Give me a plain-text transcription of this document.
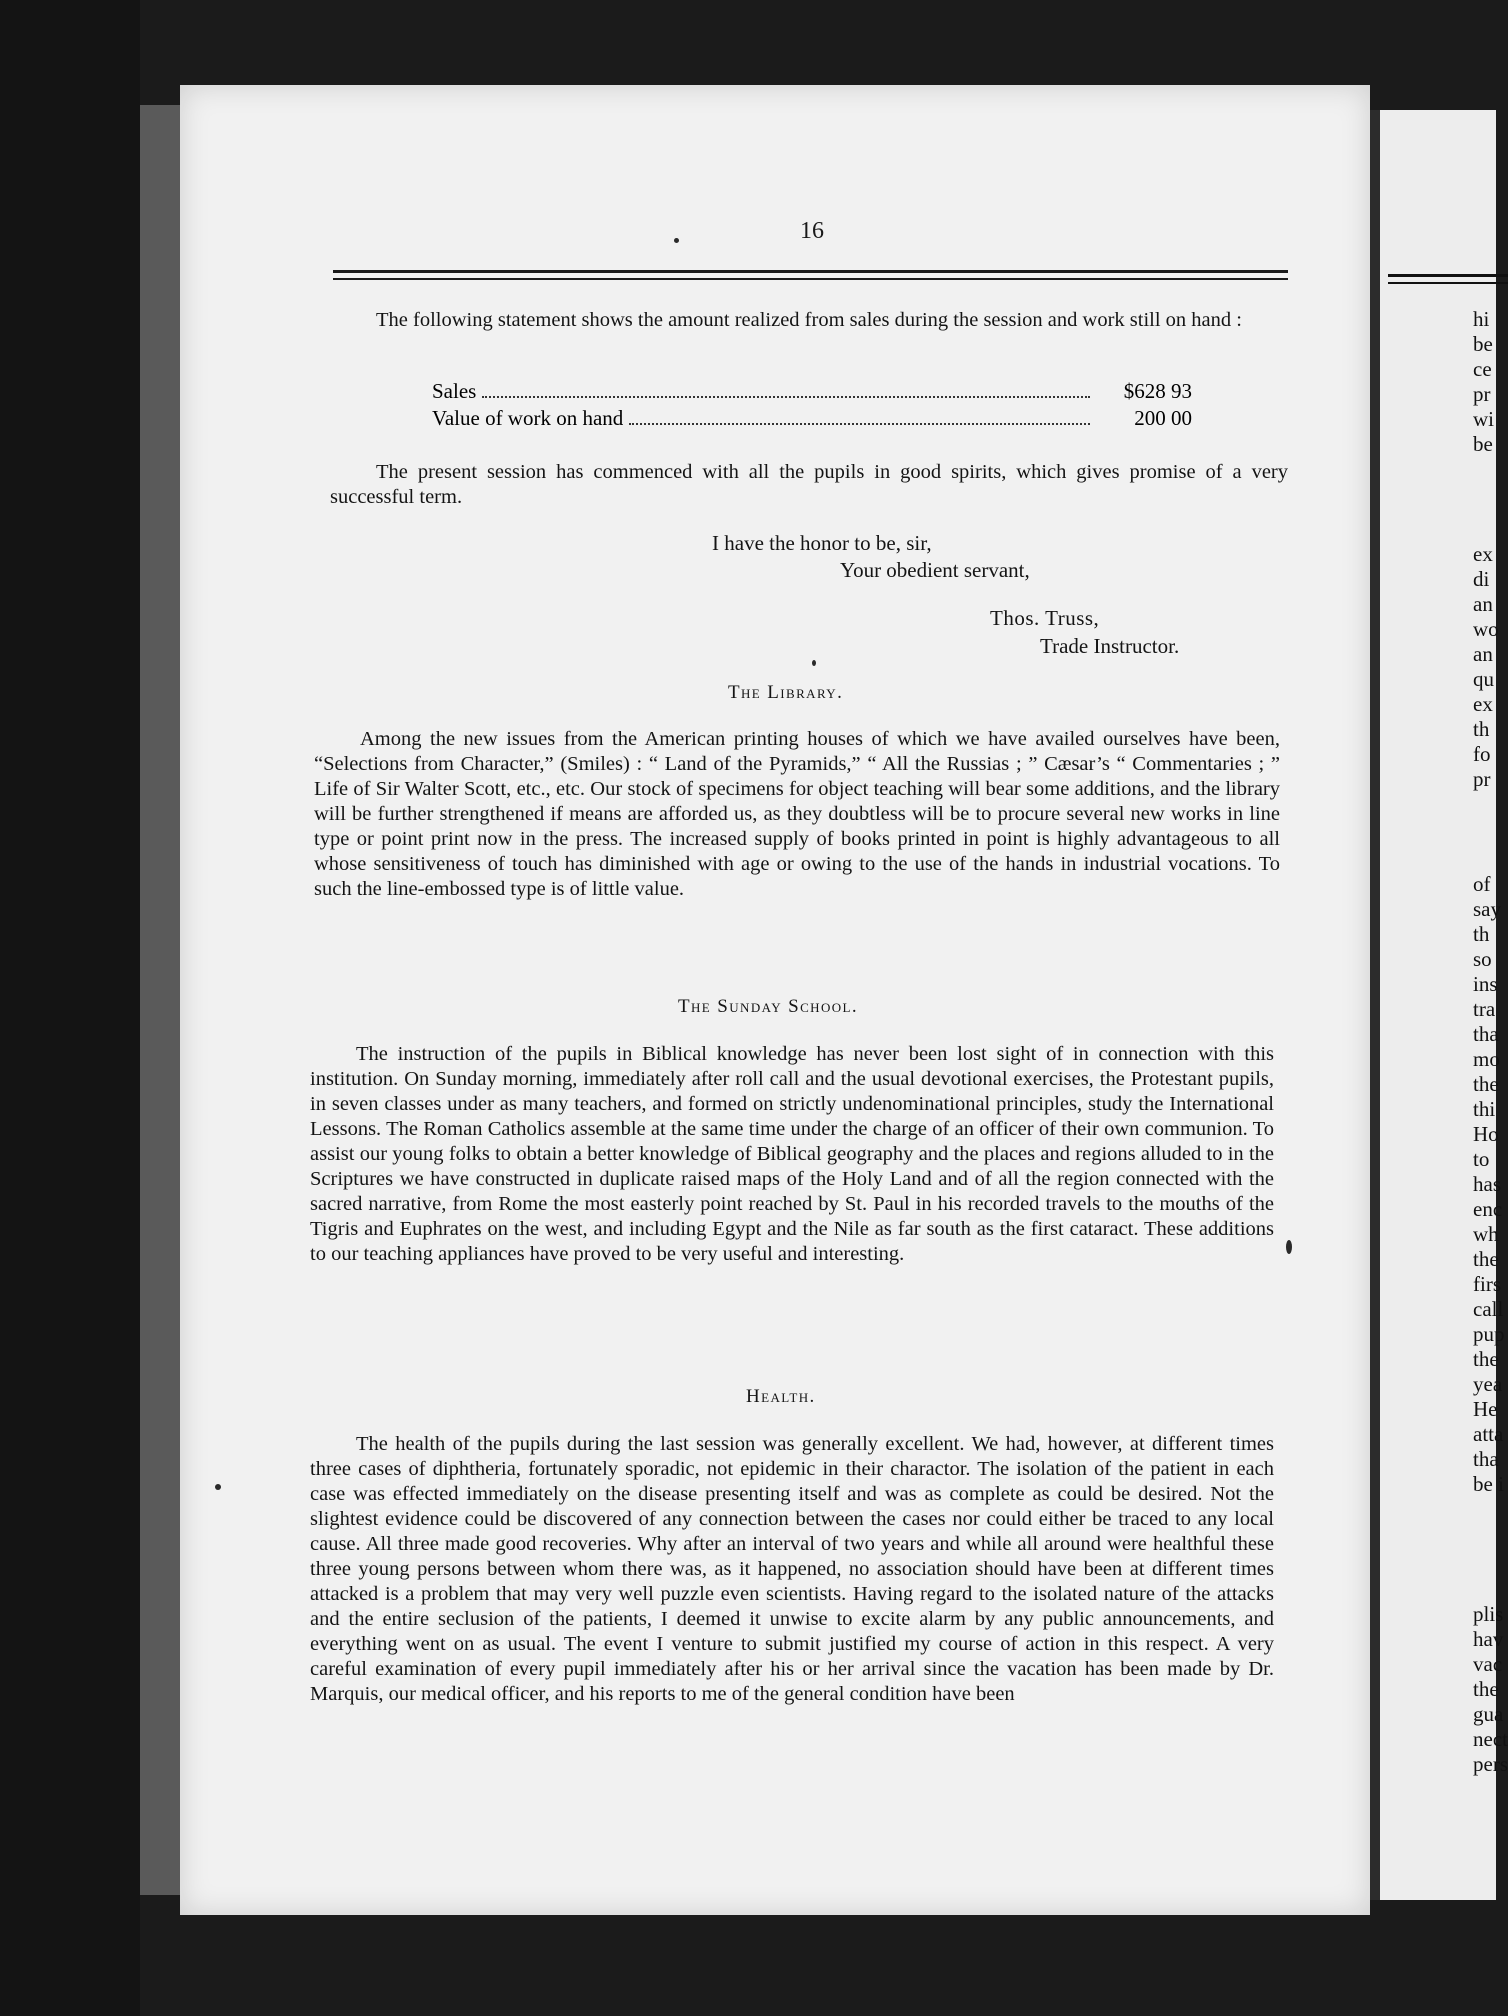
hi
be
ce
pr
wi
be
ex
di
an
wo
an
qu
ex
th
fo
pr
of
say
th
so
ins
tra
tha
mo
the
thi
Ho
to
has
enc
wh
the
firs
call
pup
the
yea
He
atta
tha
be i
plis
hav
vac
the
gua
nect
pers
16

The following statement shows the amount realized from sales during the session and work still on hand :

Sales	$628 93
Value of work on hand	200 00

The present session has commenced with all the pupils in good spirits, which gives promise of a very successful term.

I have the honor to be, sir,
Your obedient servant,
Thos. Truss,
Trade Instructor.
The Library.

Among the new issues from the American printing houses of which we have availed ourselves have been, “Selections from Character,” (Smiles) : “ Land of the Pyramids,” “ All the Russias ; ” Cæsar’s “ Commentaries ; ” Life of Sir Walter Scott, etc., etc. Our stock of specimens for object teaching will bear some additions, and the library will be further strengthened if means are afforded us, as they doubtless will be to procure several new works in line type or point print now in the press. The increased supply of books printed in point is highly advantageous to all whose sensitiveness of touch has diminished with age or owing to the use of the hands in industrial vocations. To such the line-embossed type is of little value.

The Sunday School.

The instruction of the pupils in Biblical knowledge has never been lost sight of in connection with this institution. On Sunday morning, immediately after roll call and the usual devotional exercises, the Protestant pupils, in seven classes under as many teachers, and formed on strictly undenominational principles, study the International Lessons. The Roman Catholics assemble at the same time under the charge of an officer of their own communion. To assist our young folks to obtain a better knowledge of Biblical geography and the places and regions alluded to in the Scriptures we have constructed in duplicate raised maps of the Holy Land and of all the region connected with the sacred narrative, from Rome the most easterly point reached by St. Paul in his recorded travels to the mouths of the Tigris and Euphrates on the west, and including Egypt and the Nile as far south as the first cataract. These additions to our teaching appliances have proved to be very useful and interesting.

Health.

The health of the pupils during the last session was generally excellent. We had, however, at different times three cases of diphtheria, fortunately sporadic, not epidemic in their charactor. The isolation of the patient in each case was effected immediately on the disease presenting itself and was as complete as could be desired. Not the slightest evidence could be discovered of any connection between the cases nor could either be traced to any local cause. All three made good recoveries. Why after an interval of two years and while all around were healthful these three young persons between whom there was, as it happened, no association should have been at different times attacked is a problem that may very well puzzle even scientists. Having regard to the isolated nature of the attacks and the entire seclusion of the patients, I deemed it unwise to excite alarm by any public announcements, and everything went on as usual. The event I venture to submit justified my course of action in this respect. A very careful examination of every pupil immediately after his or her arrival since the vacation has been made by Dr. Marquis, our medical officer, and his reports to me of the general condition have been
